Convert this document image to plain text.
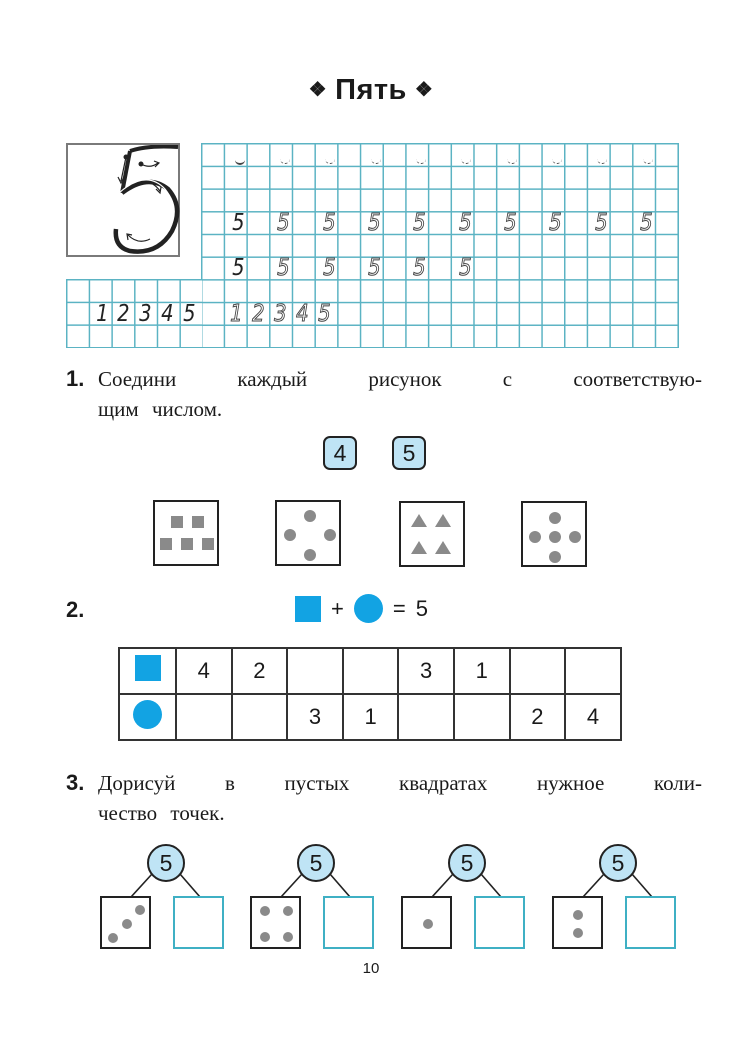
❖ Пять ❖
5 5 5 5 5 5 5 5 5 5
5 5 5 5 5 5
1 2 3 4 5 1 2 3 4 5
1. Соедини каждый рисунок с соответствую-
щим числом.
4	5
2.	+ = 5
	4	2			3	1		
			3	1			2	4
3. Дорисуй в пустых квадратах нужное коли-
чество точек.
5	5	5	5
10
